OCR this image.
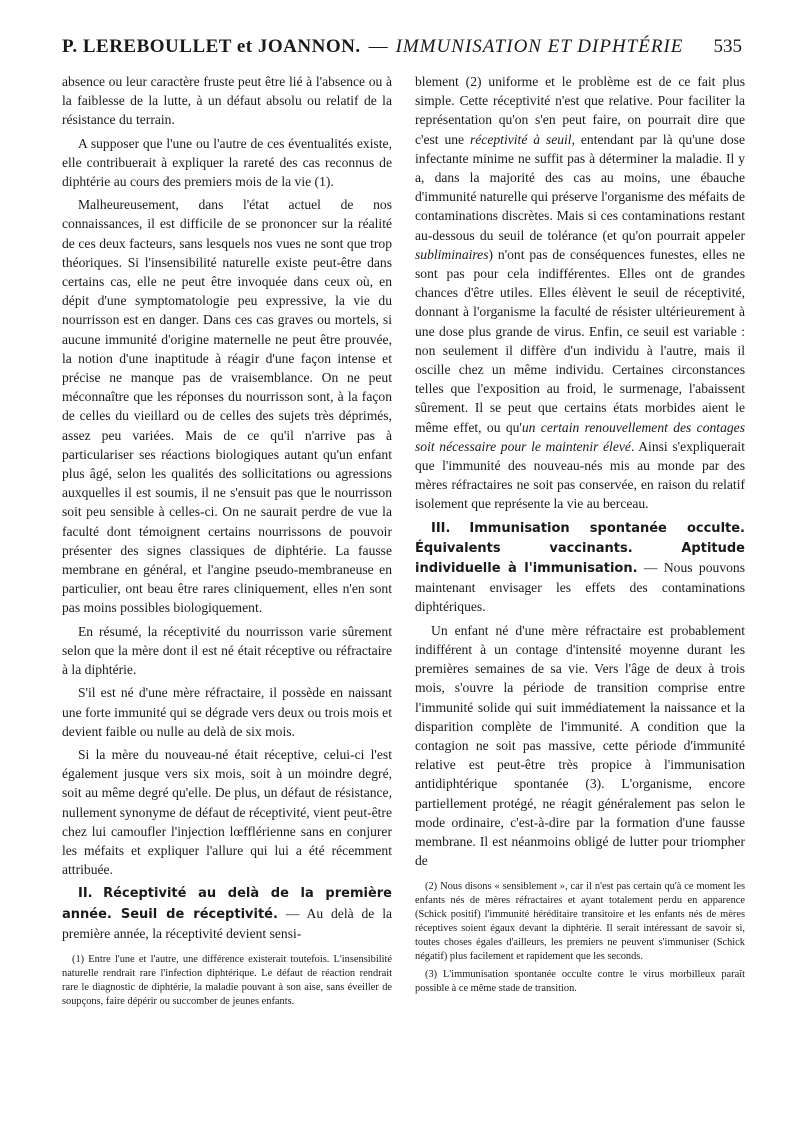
P. LEREBOULLET et JOANNON. — IMMUNISATION ET DIPHTÉRIE 535

absence ou leur caractère fruste peut être lié à l'absence ou à la faiblesse de la lutte, à un défaut absolu ou relatif de la résistance du terrain.

A supposer que l'une ou l'autre de ces éventualités existe, elle contribuerait à expliquer la rareté des cas reconnus de diphtérie au cours des premiers mois de la vie (1).

Malheureusement, dans l'état actuel de nos connaissances, il est difficile de se prononcer sur la réalité de ces deux facteurs, sans lesquels nos vues ne sont que trop théoriques. Si l'insensibilité naturelle existe peut-être dans certains cas, elle ne peut être invoquée dans ceux où, en dépit d'une symptomatologie peu expressive, la vie du nourrisson est en danger. Dans ces cas graves ou mortels, si aucune immunité d'origine maternelle ne peut être prouvée, la notion d'une inaptitude à réagir d'une façon intense et précise ne manque pas de vraisemblance. On ne peut méconnaître que les réponses du nourrisson sont, à la façon de celles du vieillard ou de celles des sujets très déprimés, assez peu variées. Mais de ce qu'il n'arrive pas à particulariser ses réactions biologiques autant qu'un enfant plus âgé, selon les qualités des sollicitations ou agressions auxquelles il est soumis, il ne s'ensuit pas que le nourrisson soit peu sensible à celles-ci. On ne saurait perdre de vue la faculté dont témoignent certains nourrissons de pouvoir présenter des signes classiques de diphtérie. La fausse membrane en général, et l'angine pseudo-membraneuse en particulier, ont beau être rares cliniquement, elles n'en sont pas moins possibles biologiquement.

En résumé, la réceptivité du nourrisson varie sûrement selon que la mère dont il est né était réceptive ou réfractaire à la diphtérie.

S'il est né d'une mère réfractaire, il possède en naissant une forte immunité qui se dégrade vers deux ou trois mois et devient faible ou nulle au delà de six mois.

Si la mère du nouveau-né était réceptive, celui-ci l'est également jusque vers six mois, soit à un moindre degré, soit au même degré qu'elle. De plus, un défaut de résistance, nullement synonyme de défaut de réceptivité, vient peut-être chez lui camoufler l'injection lœfflérienne sans en conjurer les méfaits et expliquer l'allure qui lui a été récemment attribuée.

II. Réceptivité au delà de la première année. Seuil de réceptivité. — Au delà de la première année, la réceptivité devient sensi-

(1) Entre l'une et l'autre, une différence existerait toutefois. L'insensibilité naturelle rendrait rare l'infection diphtérique. Le défaut de réaction rendrait rare le diagnostic de diphtérie, la maladie pouvant à son aise, sans éveiller de soupçons, faire dépérir ou succomber de jeunes enfants.

blement (2) uniforme et le problème est de ce fait plus simple. Cette réceptivité n'est que relative. Pour faciliter la représentation qu'on s'en peut faire, on pourrait dire que c'est une réceptivité à seuil, entendant par là qu'une dose infectante minime ne suffit pas à déterminer la maladie. Il y a, dans la majorité des cas au moins, une ébauche d'immunité naturelle qui préserve l'organisme des méfaits de contaminations discrètes. Mais si ces contaminations restant au-dessous du seuil de tolérance (et qu'on pourrait appeler subliminaires) n'ont pas de conséquences funestes, elles ne sont pas pour cela indifférentes. Elles ont de grandes chances d'être utiles. Elles élèvent le seuil de réceptivité, donnant à l'organisme la faculté de résister ultérieurement à une dose plus grande de virus. Enfin, ce seuil est variable : non seulement il diffère d'un individu à l'autre, mais il oscille chez un même individu. Certaines circonstances telles que l'exposition au froid, le surmenage, l'abaissent sûrement. Il se peut que certains états morbides aient le même effet, ou qu'un certain renouvellement des contages soit nécessaire pour le maintenir élevé. Ainsi s'expliquerait que l'immunité des nouveau-nés mis au monde par des mères réfractaires ne soit pas conservée, en raison du relatif isolement que représente la vie au berceau.

III. Immunisation spontanée occulte. Équivalents vaccinants. Aptitude individuelle à l'immunisation. — Nous pouvons maintenant envisager les effets des contaminations diphtériques.

Un enfant né d'une mère réfractaire est probablement indifférent à un contage d'intensité moyenne durant les premières semaines de sa vie. Vers l'âge de deux à trois mois, s'ouvre la période de transition comprise entre l'immunité solide qui suit immédiatement la naissance et la disparition complète de l'immunité. A condition que la contagion ne soit pas massive, cette période d'immunité relative est peut-être très propice à l'immunisation antidiphtérique spontanée (3). L'organisme, encore partiellement protégé, ne réagit généralement pas selon le mode ordinaire, c'est-à-dire par la formation d'une fausse membrane. Il est néanmoins obligé de lutter pour triompher de

(2) Nous disons « sensiblement », car il n'est pas certain qu'à ce moment les enfants nés de mères réfractaires et ayant totalement perdu en apparence (Schick positif) l'immunité héréditaire transitoire et les enfants nés de mères réceptives soient égaux devant la diphtérie. Il serait intéressant de savoir si, toutes choses égales d'ailleurs, les premiers ne peuvent s'immuniser (Schick négatif) plus facilement et rapidement que les seconds.

(3) L'immunisation spontanée occulte contre le virus morbilleux paraît possible à ce même stade de transition.
